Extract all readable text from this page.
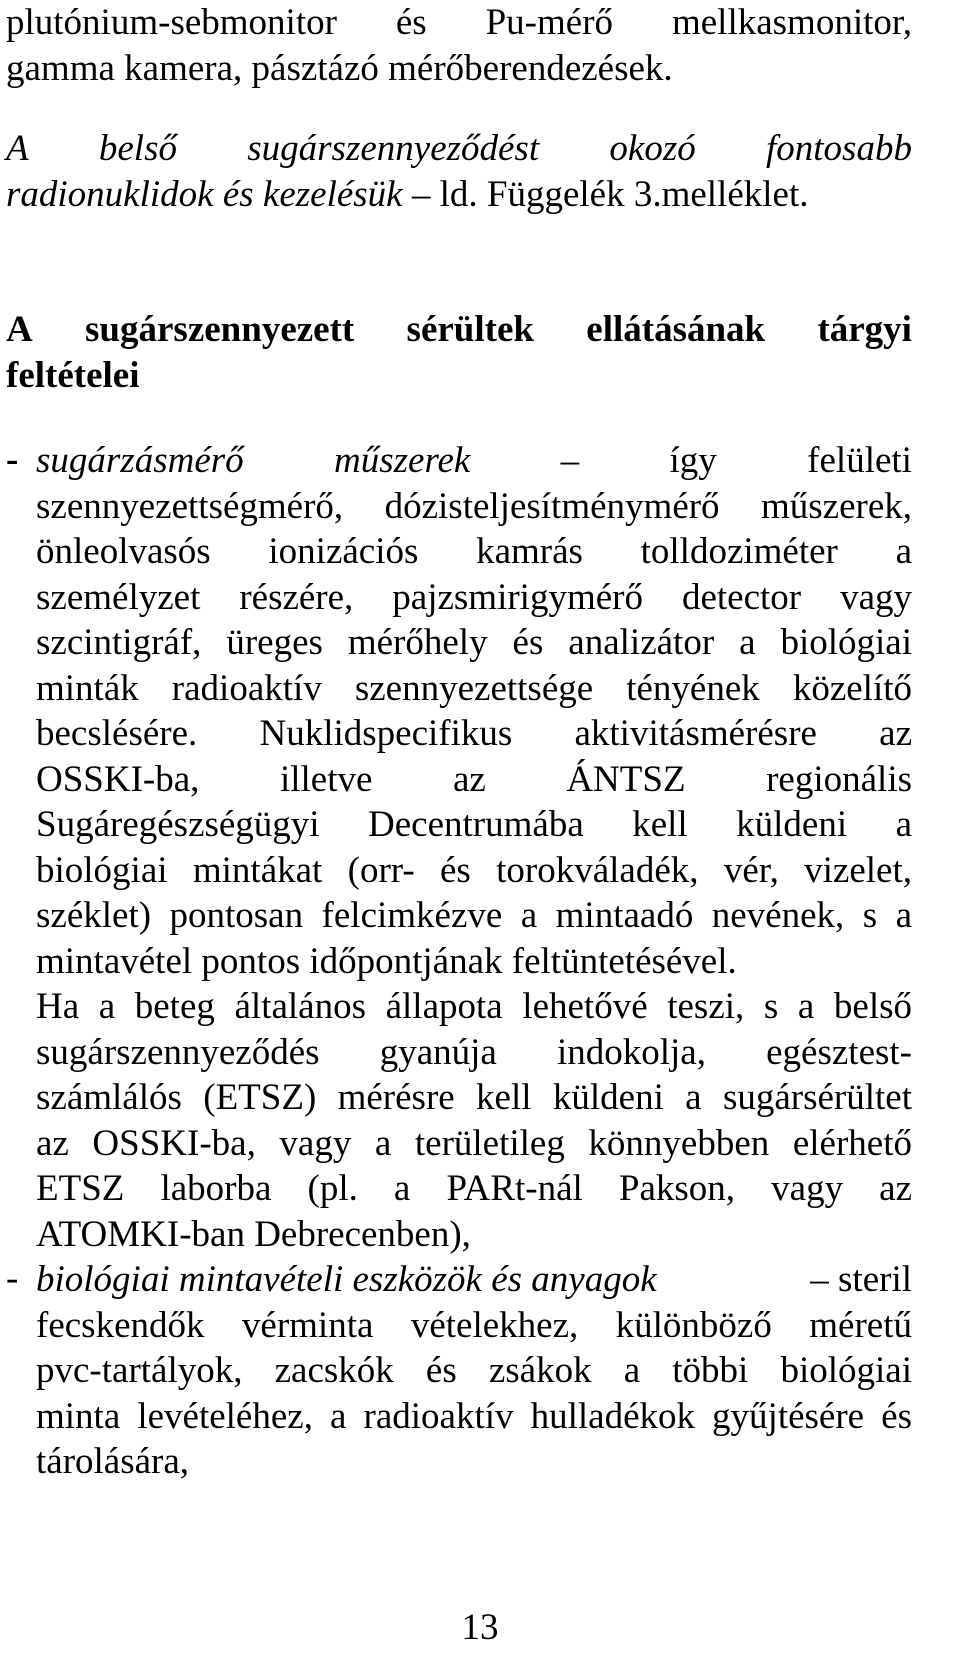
plutónium-sebmonitor és Pu-mérő mellkasmonitor,
gamma kamera, pásztázó mérőberendezések.
A belső sugárszennyeződést okozó fontosabb
radionuklidok és kezelésük – ld. Függelék 3.melléklet.
A sugárszennyezett sérültek ellátásának tárgyi
feltételei
- sugárzásmérő műszerek – így felületi
szennyezettségmérő, dózisteljesítménymérő műszerek,
önleolvasós ionizációs kamrás tolldoziméter a
személyzet részére, pajzsmirigymérő detector vagy
szcintigráf, üreges mérőhely és analizátor a biológiai
minták radioaktív szennyezettsége tényének közelítő
becslésére. Nuklidspecifikus aktivitásmérésre az
OSSKI-ba, illetve az ÁNTSZ regionális
Sugáregészségügyi Decentrumába kell küldeni a
biológiai mintákat (orr- és torokváladék, vér, vizelet,
széklet) pontosan felcimkézve a mintaadó nevének, s a
mintavétel pontos időpontjának feltüntetésével.
Ha a beteg általános állapota lehetővé teszi, s a belső
sugárszennyeződés gyanúja indokolja, egésztest-
számlálós (ETSZ) mérésre kell küldeni a sugársérültet
az OSSKI-ba, vagy a területileg könnyebben elérhető
ETSZ laborba (pl. a PARt-nál Pakson, vagy az
ATOMKI-ban Debrecenben),
- biológiai mintavételi eszközök és anyagok	– steril
fecskendők vérminta vételekhez, különböző méretű
pvc-tartályok, zacskók és zsákok a többi biológiai
minta levételéhez, a radioaktív hulladékok gyűjtésére és
tárolására,
13
